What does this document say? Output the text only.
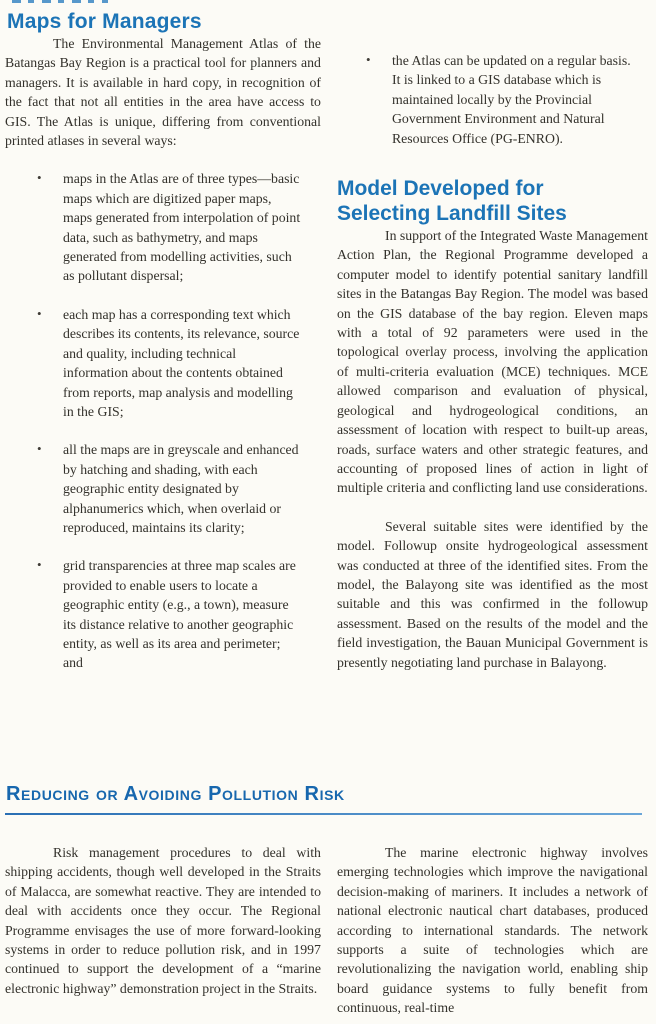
Maps for Managers

The Environmental Management Atlas of the Batangas Bay Region is a practical tool for planners and managers. It is available in hard copy, in recognition of the fact that not all entities in the area have access to GIS. The Atlas is unique, differing from conventional printed atlases in several ways:

• maps in the Atlas are of three types—basic maps which are digitized paper maps, maps generated from interpolation of point data, such as bathymetry, and maps generated from modelling activities, such as pollutant dispersal;
• each map has a corresponding text which describes its contents, its relevance, source and quality, including technical information about the contents obtained from reports, map analysis and modelling in the GIS;
• all the maps are in greyscale and enhanced by hatching and shading, with each geographic entity designated by alphanumerics which, when overlaid or reproduced, maintains its clarity;
• grid transparencies at three map scales are provided to enable users to locate a geographic entity (e.g., a town), measure its distance relative to another geographic entity, as well as its area and perimeter; and
• the Atlas can be updated on a regular basis. It is linked to a GIS database which is maintained locally by the Provincial Government Environment and Natural Resources Office (PG-ENRO).
Model Developed for Selecting Landfill Sites

In support of the Integrated Waste Management Action Plan, the Regional Programme developed a computer model to identify potential sanitary landfill sites in the Batangas Bay Region. The model was based on the GIS database of the bay region. Eleven maps with a total of 92 parameters were used in the topological overlay process, involving the application of multi-criteria evaluation (MCE) techniques. MCE allowed comparison and evaluation of physical, geological and hydrogeological conditions, an assessment of location with respect to built-up areas, roads, surface waters and other strategic features, and accounting of proposed lines of action in light of multiple criteria and conflicting land use considerations.

Several suitable sites were identified by the model. Followup onsite hydrogeological assessment was conducted at three of the identified sites. From the model, the Balayong site was identified as the most suitable and this was confirmed in the followup assessment. Based on the results of the model and the field investigation, the Bauan Municipal Government is presently negotiating land purchase in Balayong.

Reducing or Avoiding Pollution Risk

Risk management procedures to deal with shipping accidents, though well developed in the Straits of Malacca, are somewhat reactive. They are intended to deal with accidents once they occur. The Regional Programme envisages the use of more forward-looking systems in order to reduce pollution risk, and in 1997 continued to support the development of a “marine electronic highway” demonstration project in the Straits.

The marine electronic highway involves emerging technologies which improve the navigational decision-making of mariners. It includes a network of national electronic nautical chart databases, produced according to international standards. The network supports a suite of technologies which are revolutionalizing the navigation world, enabling ship board guidance systems to fully benefit from continuous, real-time
